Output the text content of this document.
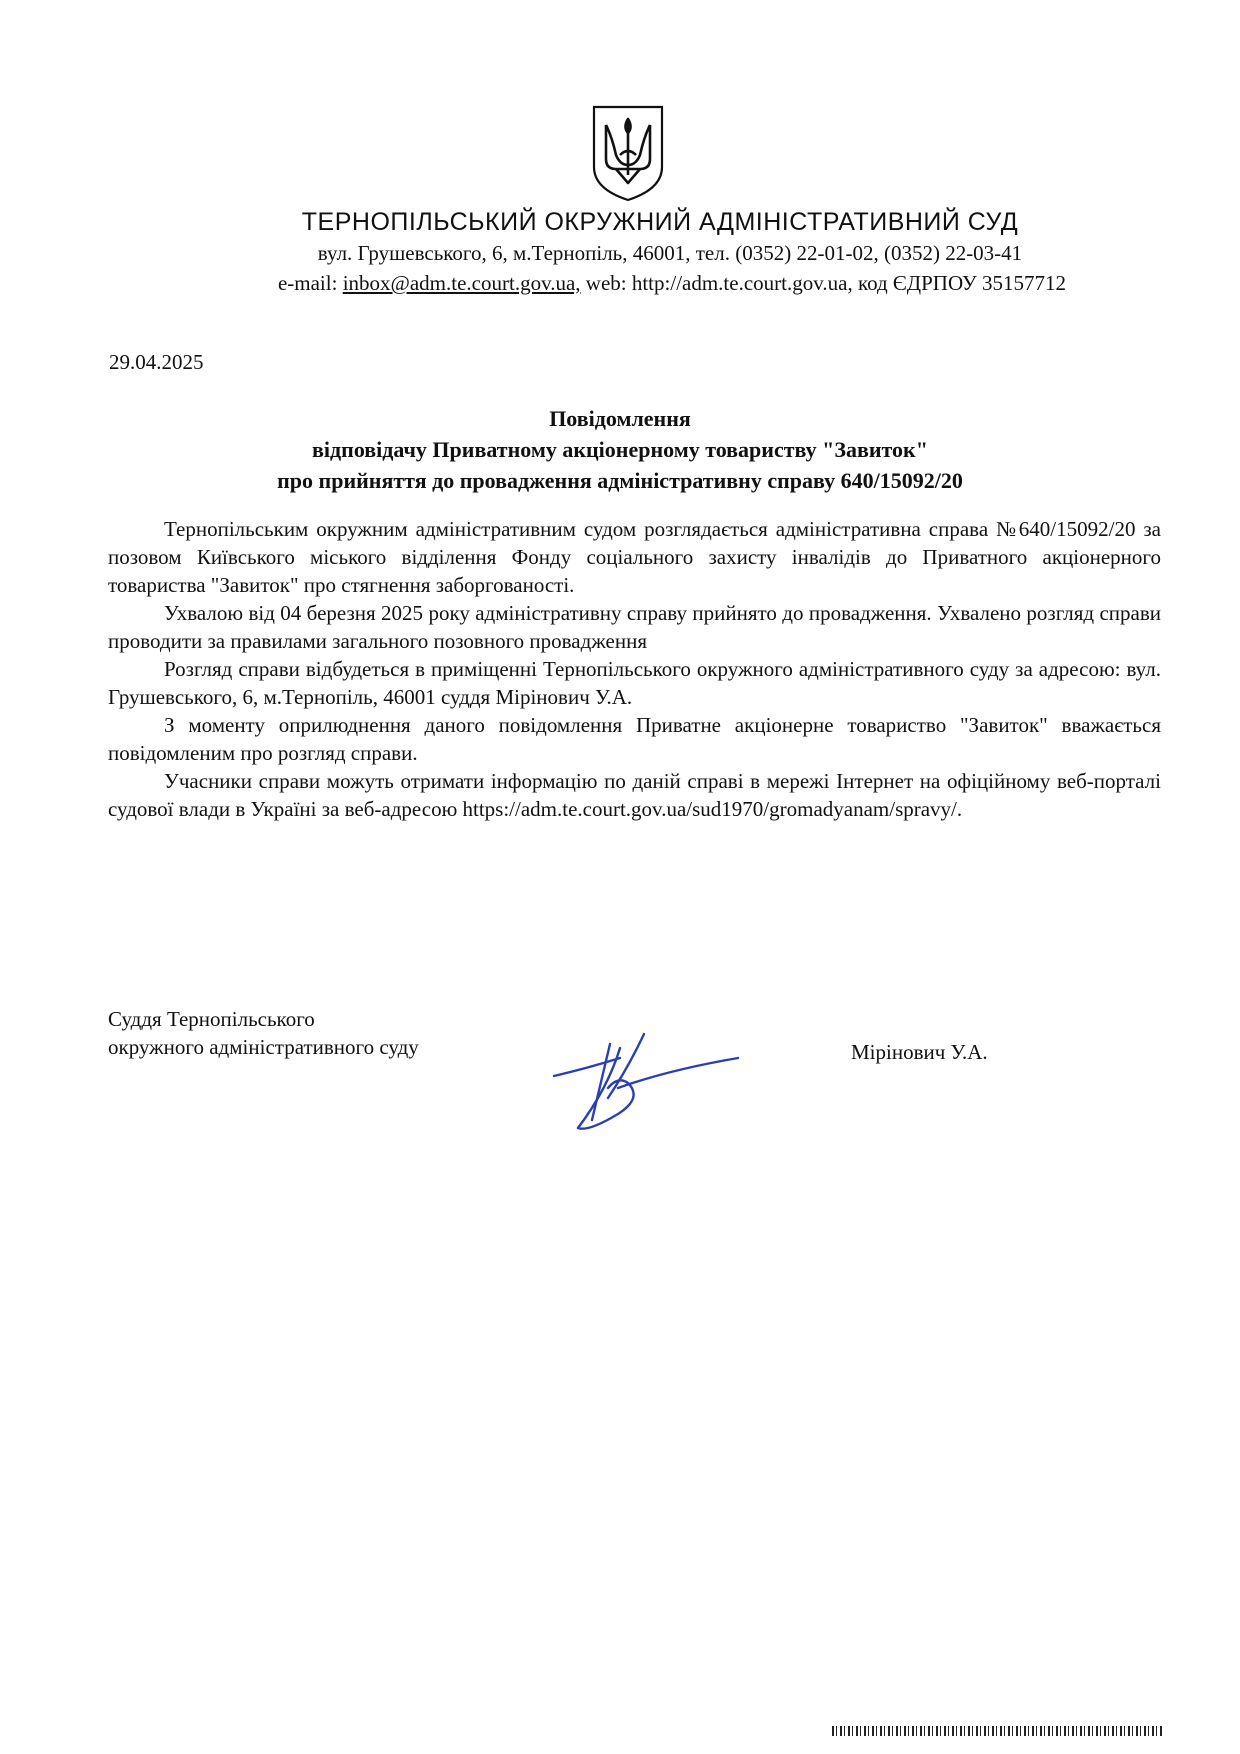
ТЕРНОПІЛЬСЬКИЙ ОКРУЖНИЙ АДМІНІСТРАТИВНИЙ СУД
вул. Грушевського, 6, м.Тернопіль, 46001, тел. (0352) 22-01-02, (0352) 22-03-41
e-mail: inbox@adm.te.court.gov.ua, web: http://adm.te.court.gov.ua, код ЄДРПОУ 35157712
29.04.2025
Повідомлення
відповідачу Приватному акціонерному товариству "Завиток"
про прийняття до провадження адміністративну справу 640/15092/20

Тернопільським окружним адміністративним судом розглядається адміністративна справа №640/15092/20 за позовом Київського міського відділення Фонду соціального захисту інвалідів до Приватного акціонерного товариства "Завиток" про стягнення заборгованості.

Ухвалою від 04 березня 2025 року адміністративну справу прийнято до провадження. Ухвалено розгляд справи проводити за правилами загального позовного провадження

Розгляд справи відбудеться в приміщенні Тернопільського окружного адміністративного суду за адресою: вул. Грушевського, 6, м.Тернопіль, 46001 суддя Мірінович У.А.

З моменту оприлюднення даного повідомлення Приватне акціонерне товариство "Завиток" вважається повідомленим про розгляд справи.

Учасники справи можуть отримати інформацію по даній справі в мережі Інтернет на офіційному веб-порталі судової влади в Україні за веб-адресою https://adm.te.court.gov.ua/sud1970/gromadyanam/spravy/.

Суддя Тернопільського
окружного адміністративного суду	Мірінович У.А.
